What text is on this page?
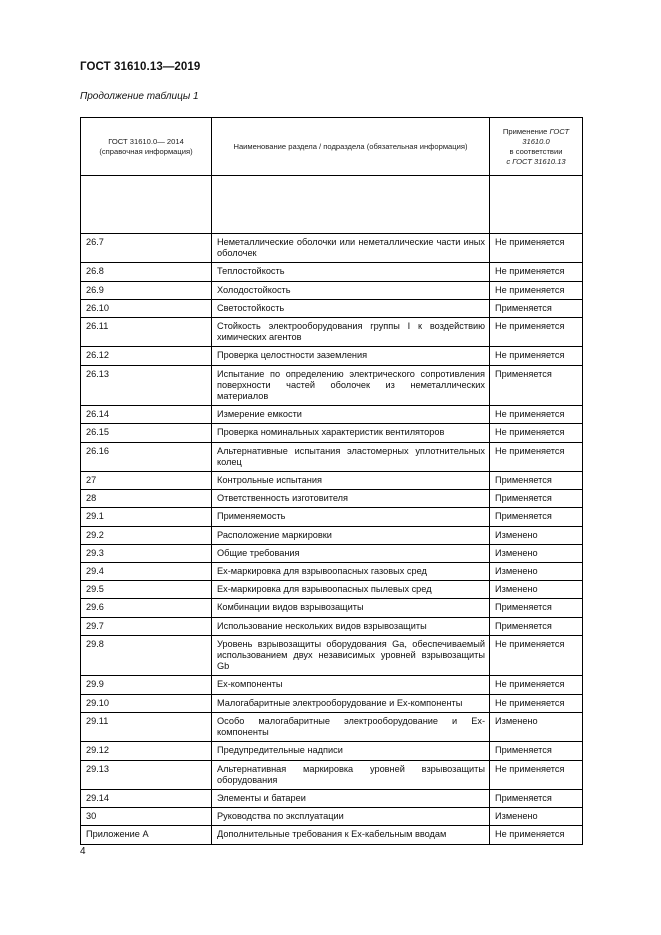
ГОСТ 31610.13—2019
Продолжение таблицы 1
ГОСТ 31610.0— 2014 (справочная информация)	Наименование раздела / подраздела (обязательная информация)	Применение ГОСТ 31610.0
в соответствии
с ГОСТ 31610.13

26.7	Неметаллические оболочки или неметаллические части иных оболочек	Не применяется
26.8	Теплостойкость	Не применяется
26.9	Холодостойкость	Не применяется
26.10	Светостойкость	Применяется
26.11	Стойкость электрооборудования группы I к воздействию химических агентов	Не применяется
26.12	Проверка целостности заземления	Не применяется
26.13	Испытание по определению электрического сопротивления поверхности частей оболочек из неметаллических материалов	Применяется
26.14	Измерение емкости	Не применяется
26.15	Проверка номинальных характеристик вентиляторов	Не применяется
26.16	Альтернативные испытания эластомерных уплотнительных колец	Не применяется
27	Контрольные испытания	Применяется
28	Ответственность изготовителя	Применяется
29.1	Применяемость	Применяется
29.2	Расположение маркировки	Изменено
29.3	Общие требования	Изменено
29.4	Ex-маркировка для взрывоопасных газовых сред	Изменено
29.5	Ex-маркировка для взрывоопасных пылевых сред	Изменено
29.6	Комбинации видов взрывозащиты	Применяется
29.7	Использование нескольких видов взрывозащиты	Применяется
29.8	Уровень взрывозащиты оборудования Ga, обеспечиваемый использованием двух независимых уровней взрывозащиты Gb	Не применяется
29.9	Ex-компоненты	Не применяется
29.10	Малогабаритные электрооборудование и Ex-компоненты	Не применяется
29.11	Особо малогабаритные электрооборудование и Ex-компоненты	Изменено
29.12	Предупредительные надписи	Применяется
29.13	Альтернативная маркировка уровней взрывозащиты оборудования	Не применяется
29.14	Элементы и батареи	Применяется
30	Руководства по эксплуатации	Изменено
Приложение А	Дополнительные требования к Ex-кабельным вводам	Не применяется
4
